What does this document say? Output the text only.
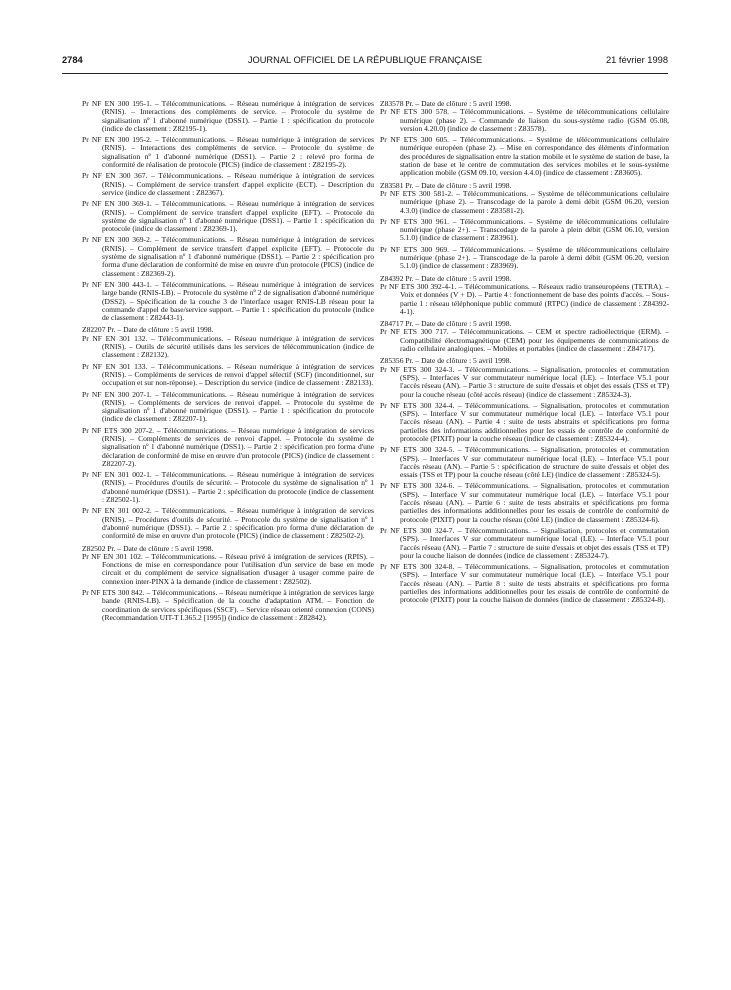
2784	JOURNAL OFFICIEL DE LA RÉPUBLIQUE FRANÇAISE	21 février 1998

Pr NF EN 300 195-1. – Télécommunications. – Réseau numérique à intégration de services (RNIS). – Interactions des compléments de service. – Protocole du système de signalisation nº 1 d'abonné numérique (DSS1). – Partie 1 : spécification du protocole (indice de classement : Z82195-1).

Pr NF EN 300 195-2. – Télécommunications. – Réseau numérique à intégration de services (RNIS). – Interactions des compléments de service. – Protocole du système de signalisation nº 1 d'abonné numérique (DSS1). – Partie 2 : relevé pro forma de conformité de réalisation de protocole (PICS) (indice de classement : Z82195-2).

Pr NF EN 300 367. – Télécommunications. – Réseau numérique à intégration de services (RNIS). – Complément de service transfert d'appel explicite (ECT). – Description du service (indice de classement : Z82367).

Pr NF EN 300 369-1. – Télécommunications. – Réseau numérique à intégration de services (RNIS). – Complément de service transfert d'appel explicite (EFT). – Protocole du système de signalisation nº 1 d'abonné numérique (DSS1). – Partie 1 : spécification du protocole (indice de classement : Z82369-1).

Pr NF EN 300 369-2. – Télécommunications. – Réseau numérique à intégration de services (RNIS). – Complément de service transfert d'appel explicite (EFT). – Protocole du système de signalisation nº 1 d'abonné numérique (DSS1). – Partie 2 : spécification pro forma d'une déclaration de conformité de mise en œuvre d'un protocole (PICS) (indice de classement : Z82369-2).

Pr NF EN 300 443-1. – Télécommunications. – Réseau numérique à intégration de services large bande (RNIS-LB). – Protocole du système nº 2 de signalisation d'abonné numérique (DSS2). – Spécification de la couche 3 de l'interface usager RNIS-LB réseau pour la commande d'appel de base/service support. – Partie 1 : spécification du protocole (indice de classement : Z82443-1).

Z82207 Pr. – Date de clôture : 5 avril 1998.

Pr NF EN 301 132. – Télécommunications. – Réseau numérique à intégration de services (RNIS). – Outils de sécurité utilisés dans les services de télécommunication (indice de classement : Z82132).

Pr NF EN 301 133. – Télécommunications. – Réseau numérique à intégration de services (RNIS). – Compléments de services de renvoi d'appel sélectif (SCF) (inconditionnel, sur occupation et sur non-réponse). – Description du service (indice de classement : Z82133).

Pr NF EN 300 207-1. – Télécommunications. – Réseau numérique à intégration de services (RNIS). – Compléments de services de renvoi d'appel. – Protocole du système de signalisation nº 1 d'abonné numérique (DSS1). – Partie 1 : spécification du protocole (indice de classement : Z82207-1).

Pr NF ETS 300 207-2. – Télécommunications. – Réseau numérique à intégration de services (RNIS). – Compléments de services de renvoi d'appel. – Protocole du système de signalisation nº 1 d'abonné numérique (DSS1). – Partie 2 : spécification pro forma d'une déclaration de conformité de mise en œuvre d'un protocole (PICS) (indice de classement : Z82207-2).

Pr NF EN 301 002-1. – Télécommunications. – Réseau numérique à intégration de services (RNIS). – Procédures d'outils de sécurité. – Protocole du système de signalisation nº 1 d'abonné numérique (DSS1). – Partie 2 : spécification du protocole (indice de classement : Z82502-1).

Pr NF EN 301 002-2. – Télécommunications. – Réseau numérique à intégration de services (RNIS). – Procédures d'outils de sécurité. – Protocole du système de signalisation nº 1 d'abonné numérique (DSS1). – Partie 2 : spécification pro forma d'une déclaration de conformité de mise en œuvre d'un protocole (PICS) (indice de classement : Z82502-2).

Z82502 Pr. – Date de clôture : 5 avril 1998.

Pr NF EN 301 102. – Télécommunications. – Réseau privé à intégration de services (RPIS). – Fonctions de mise en correspondance pour l'utilisation d'un service de base en mode circuit et du complément de service signalisation d'usager à usager comme paire de connexion inter-PINX à la demande (indice de classement : Z82502).

Pr NF ETS 300 842. – Télécommunications. – Réseau numérique à intégration de services large bande (RNIS-LB). – Spécification de la couche d'adaptation ATM. – Fonction de coordination de services spécifiques (SSCF). – Service réseau orienté connexion (CONS) (Recommandation UIT-T I.365.2 [1995]) (indice de classement : Z82842).

Z83578 Pr. – Date de clôture : 5 avril 1998.

Pr NF ETS 300 578. – Télécommunications. – Système de télécommunications cellulaire numérique (phase 2). – Commande de liaison du sous-système radio (GSM 05.08, version 4.20.0) (indice de classement : Z83578).

Pr NF ETS 300 605. – Télécommunications. – Système de télécommunications cellulaire numérique européen (phase 2). – Mise en correspondance des éléments d'information des procédures de signalisation entre la station mobile et le système de station de base, la station de base et le centre de commutation des services mobiles et le sous-système application mobile (GSM 09.10, version 4.4.0) (indice de classement : Z83605).

Z83581 Pr. – Date de clôture : 5 avril 1998.

Pr NF ETS 300 581-2. – Télécommunications. – Système de télécommunications cellulaire numérique (phase 2). – Transcodage de la parole à demi débit (GSM 06.20, version 4.3.0) (indice de classement : Z83581-2).

Pr NF ETS 300 961. – Télécommunications. – Système de télécommunications cellulaire numérique (phase 2+). – Transcodage de la parole à plein débit (GSM 06.10, version 5.1.0) (indice de classement : Z83961).

Pr NF ETS 300 969. – Télécommunications. – Système de télécommunications cellulaire numérique (phase 2+). – Transcodage de la parole à demi débit (GSM 06.20, version 5.1.0) (indice de classement : Z83969).

Z84392 Pr. – Date de clôture : 5 avril 1998.

Pr NF ETS 300 392-4-1. – Télécommunications. – Réseaux radio transeuropéens (TETRA). – Voix et données (V + D). – Partie 4 : fonctionnement de base des points d'accès. – Sous-partie 1 : réseau téléphonique public commuté (RTPC) (indice de classement : Z84392-4-1).

Z84717 Pr. – Date de clôture : 5 avril 1998.

Pr NF ETS 300 717. – Télécommunications. – CEM et spectre radioélectrique (ERM). – Compatibilité électromagnétique (CEM) pour les équipements de communications de radio cellulaire analogiques. – Mobiles et portables (indice de classement : Z84717).

Z85356 Pr. – Date de clôture : 5 avril 1998.

Pr NF ETS 300 324-3. – Télécommunications. – Signalisation, protocoles et commutation (SPS). – Interfaces V sur commutateur numérique local (LE). – Interface V5.1 pour l'accès réseau (AN). – Partie 3 : structure de suite d'essais et objet des essais (TSS et TP) pour la couche réseau (côté accès réseau) (indice de classement : Z85324-3).

Pr NF ETS 300 324-4. – Télécommunications. – Signalisation, protocoles et commutation (SPS). – Interface V sur commutateur numérique local (LE). – Interface V5.1 pour l'accès réseau (AN). – Partie 4 : suite de tests abstraits et spécifications pro forma partielles des informations additionnelles pour les essais de contrôle de conformité de protocole (PIXIT) pour la couche réseau (indice de classement : Z85324-4).

Pr NF ETS 300 324-5. – Télécommunications. – Signalisation, protocoles et commutation (SPS). – Interfaces V sur commutateur numérique local (LE). – Interface V5.1 pour l'accès réseau (AN). – Partie 5 : spécification de structure de suite d'essais et objet des essais (TSS et TP) pour la couche réseau (côté LE) (indice de classement : Z85324-5).

Pr NF ETS 300 324-6. – Télécommunications. – Signalisation, protocoles et commutation (SPS). – Interface V sur commutateur numérique local (LE). – Interface V5.1 pour l'accès réseau (AN). – Partie 6 : suite de tests abstraits et spécifications pro forma partielles des informations additionnelles pour les essais de contrôle de conformité de protocole (PIXIT) pour la couche réseau (côté LE) (indice de classement : Z85324-6).

Pr NF ETS 300 324-7. – Télécommunications. – Signalisation, protocoles et commutation (SPS). – Interfaces V sur commutateur numérique local (LE). – Interface V5.1 pour l'accès réseau (AN). – Partie 7 : structure de suite d'essais et objet des essais (TSS et TP) pour la couche liaison de données (indice de classement : Z85324-7).

Pr NF ETS 300 324-8. – Télécommunications. – Signalisation, protocoles et commutation (SPS). – Interface V sur commutateur numérique local (LE). – Interface V5.1 pour l'accès réseau (AN). – Partie 8 : suite de tests abstraits et spécifications pro forma partielles des informations additionnelles pour les essais de contrôle de conformité de protocole (PIXIT) pour la couche liaison de données (indice de classement : Z85324-8).
